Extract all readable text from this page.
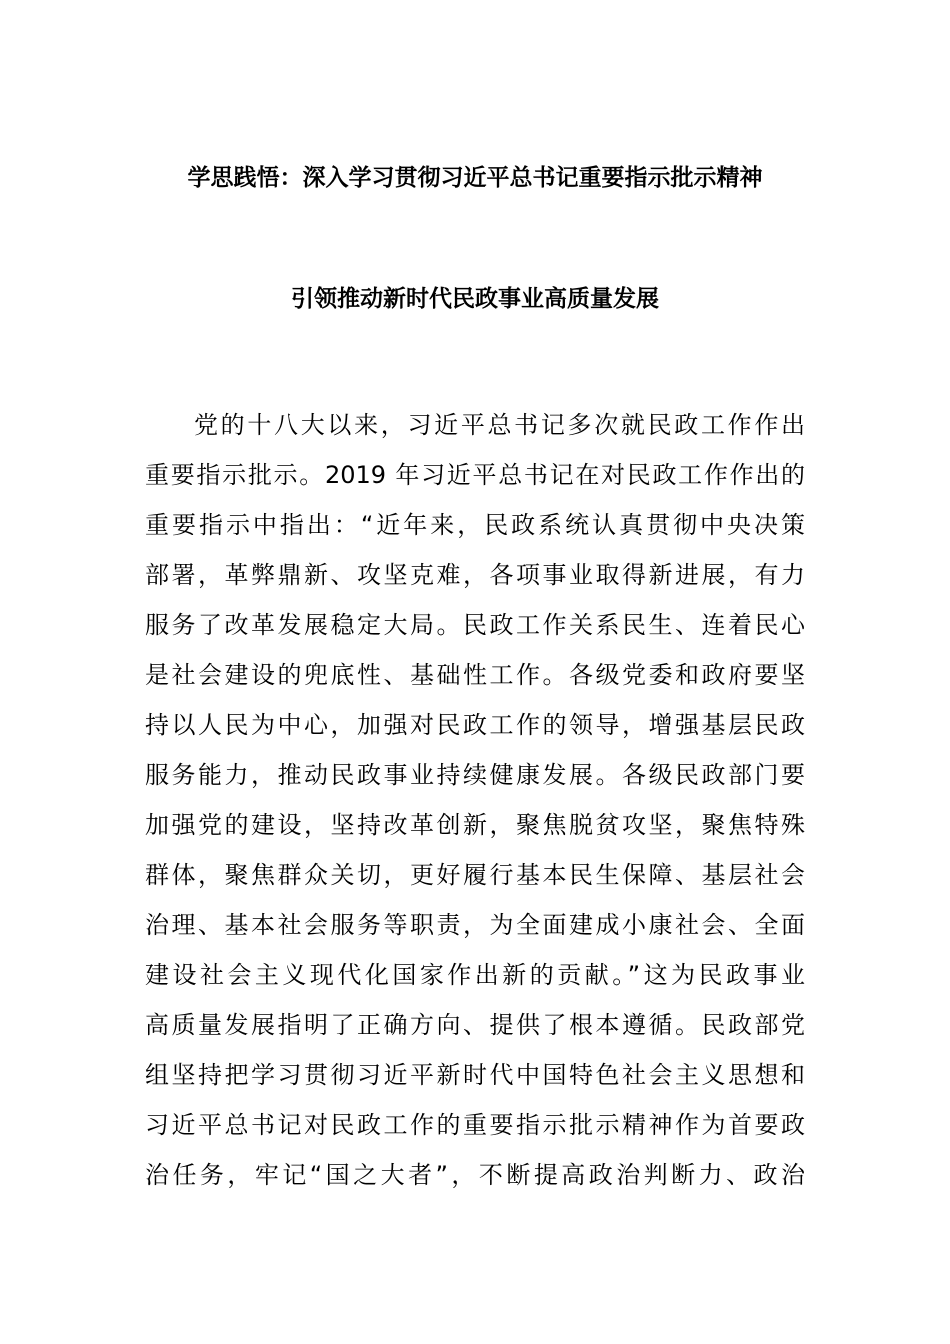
学思践悟：深入学习贯彻习近平总书记重要指示批示精神
引领推动新时代民政事业高质量发展
党的十八大以来，习近平总书记多次就民政工作作出
重要指示批示。2019 年习近平总书记在对民政工作作出的
重要指示中指出：“近年来，民政系统认真贯彻中央决策
部署，革弊鼎新、攻坚克难，各项事业取得新进展，有力
服务了改革发展稳定大局。民政工作关系民生、连着民心
是社会建设的兜底性、基础性工作。各级党委和政府要坚
持以人民为中心，加强对民政工作的领导，增强基层民政
服务能力，推动民政事业持续健康发展。各级民政部门要
加强党的建设，坚持改革创新，聚焦脱贫攻坚，聚焦特殊
群体，聚焦群众关切，更好履行基本民生保障、基层社会
治理、基本社会服务等职责，为全面建成小康社会、全面
建设社会主义现代化国家作出新的贡献。”这为民政事业
高质量发展指明了正确方向、提供了根本遵循。民政部党
组坚持把学习贯彻习近平新时代中国特色社会主义思想和
习近平总书记对民政工作的重要指示批示精神作为首要政
治任务，牢记“国之大者”，不断提高政治判断力、政治
